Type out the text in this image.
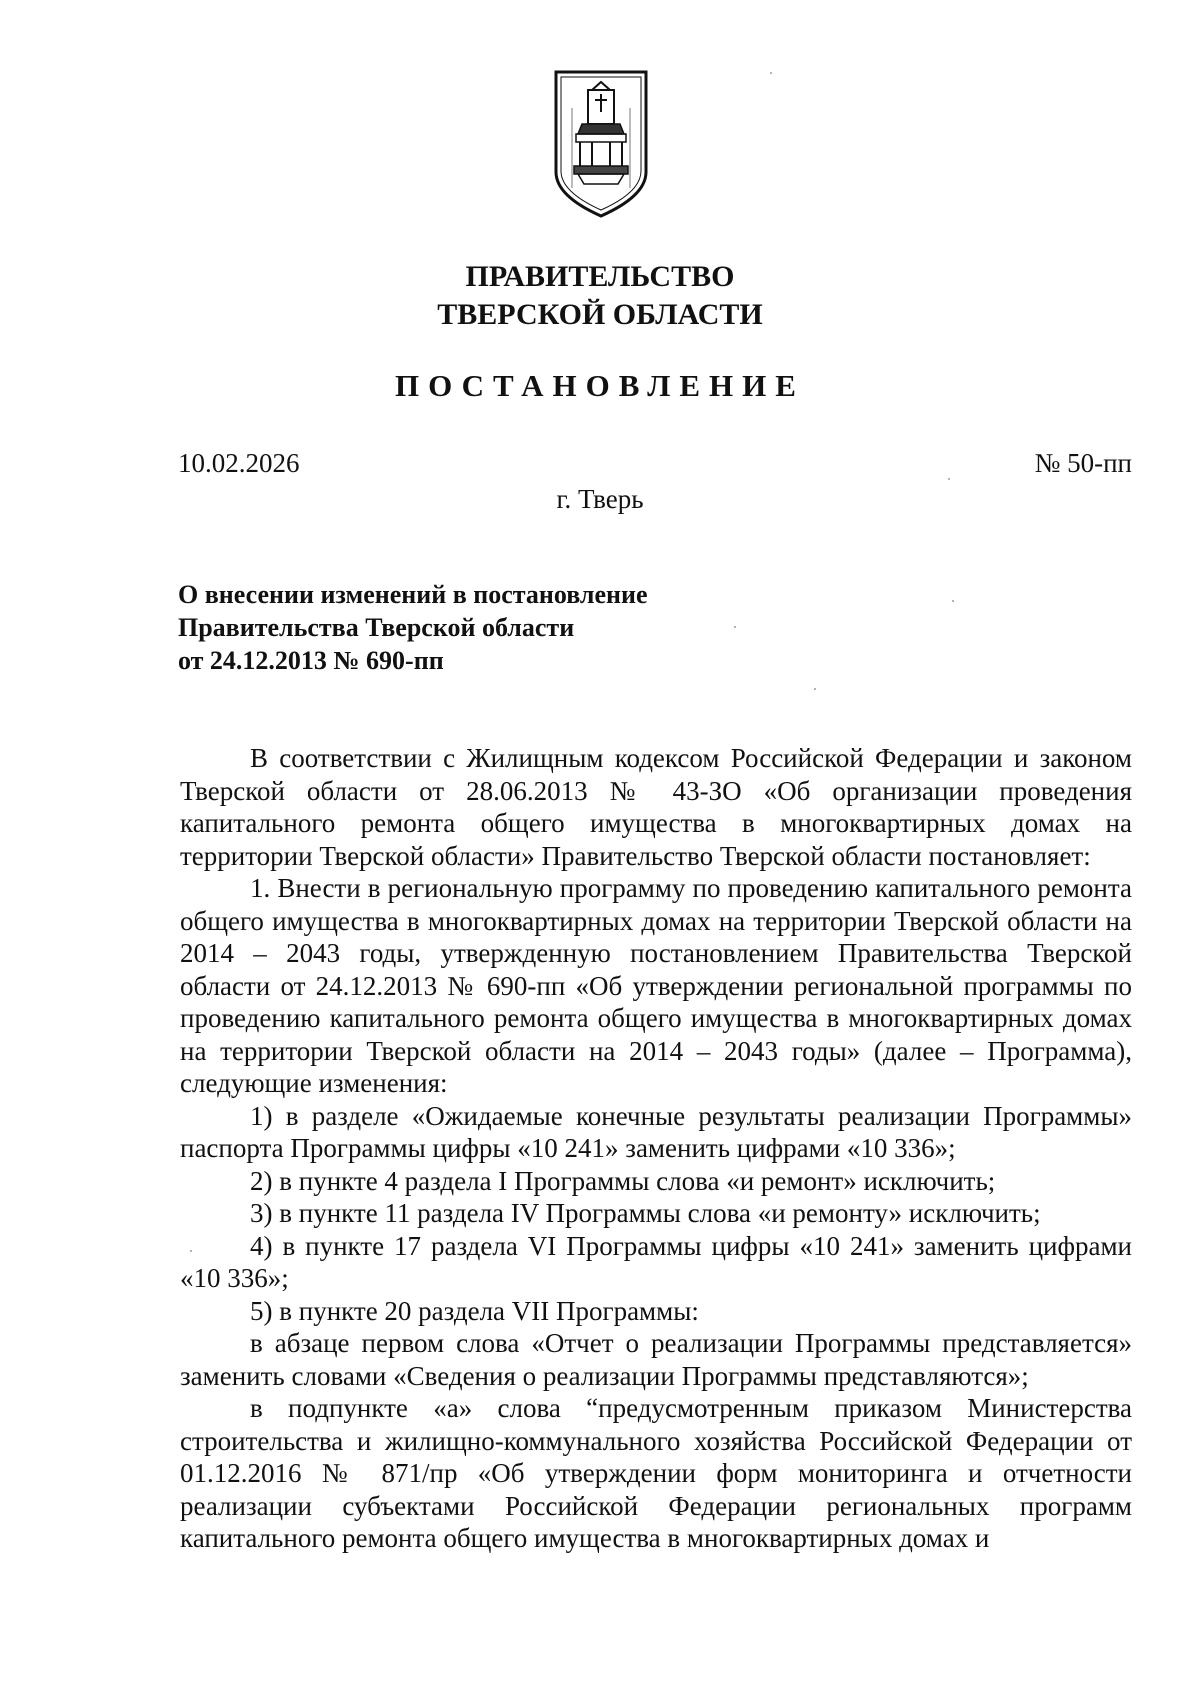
ПРАВИТЕЛЬСТВО
ТВЕРСКОЙ ОБЛАСТИ
ПОСТАНОВЛЕНИЕ
10.02.2026	№ 50-пп
г. Тверь
О внесении изменений в постановление
Правительства Тверской области
от 24.12.2013 № 690-пп

В соответствии с Жилищным кодексом Российской Федерации и законом Тверской области от 28.06.2013 № 43-ЗО «Об организации проведения капитального ремонта общего имущества в многоквартирных домах на территории Тверской области» Правительство Тверской области постановляет:

1. Внести в региональную программу по проведению капитального ремонта общего имущества в многоквартирных домах на территории Тверской области на 2014 – 2043 годы, утвержденную постановлением Правительства Тверской области от 24.12.2013 № 690-пп «Об утверждении региональной программы по проведению капитального ремонта общего имущества в многоквартирных домах на территории Тверской области на 2014 – 2043 годы» (далее – Программа), следующие изменения:

1) в разделе «Ожидаемые конечные результаты реализации Программы» паспорта Программы цифры «10 241» заменить цифрами «10 336»;

2) в пункте 4 раздела I Программы слова «и ремонт» исключить;

3) в пункте 11 раздела IV Программы слова «и ремонту» исключить;

4) в пункте 17 раздела VI Программы цифры «10 241» заменить цифрами «10 336»;

5) в пункте 20 раздела VII Программы:

в абзаце первом слова «Отчет о реализации Программы представляется» заменить словами «Сведения о реализации Программы представляются»;

в подпункте «а» слова “предусмотренным приказом Министерства строительства и жилищно-коммунального хозяйства Российской Федерации от 01.12.2016 № 871/пр «Об утверждении форм мониторинга и отчетности реализации субъектами Российской Федерации региональных программ капитального ремонта общего имущества в многоквартирных домах и
